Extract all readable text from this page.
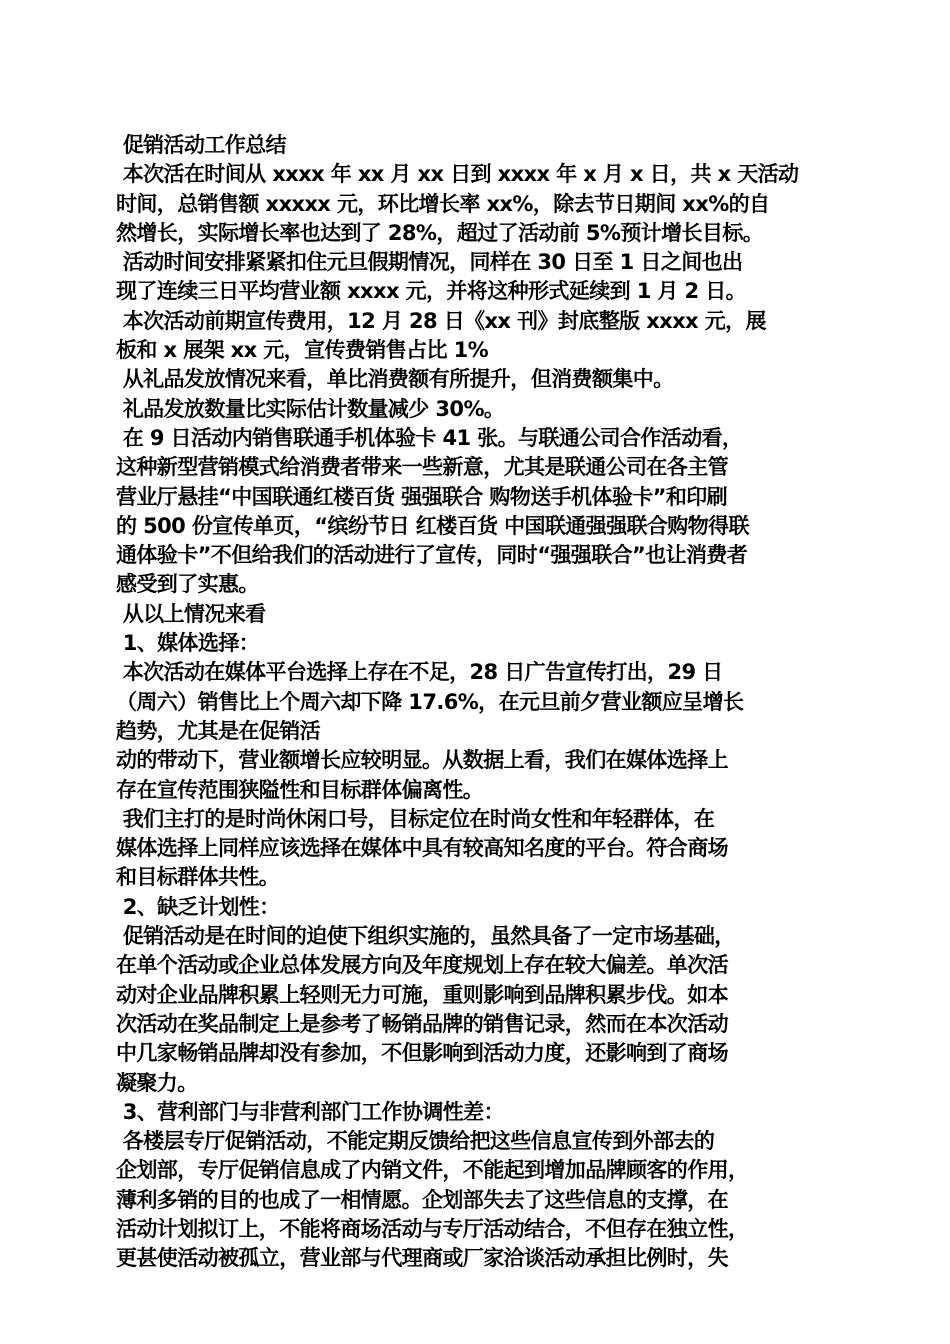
促销活动工作总结
本次活在时间从 xxxx 年 xx 月 xx 日到 xxxx 年 x 月 x 日，共 x 天活动
时间，总销售额 xxxxx 元，环比增长率 xx%，除去节日期间 xx%的自
然增长，实际增长率也达到了 28%，超过了活动前 5%预计增长目标。
活动时间安排紧紧扣住元旦假期情况，同样在 30 日至 1 日之间也出
现了连续三日平均营业额 xxxx 元，并将这种形式延续到 1 月 2 日。
本次活动前期宣传费用，12 月 28 日《xx 刊》封底整版 xxxx 元，展
板和 x 展架 xx 元，宣传费销售占比 1%
从礼品发放情况来看，单比消费额有所提升，但消费额集中。
礼品发放数量比实际估计数量减少 30%。
在 9 日活动内销售联通手机体验卡 41 张。与联通公司合作活动看，
这种新型营销模式给消费者带来一些新意，尤其是联通公司在各主管
营业厅悬挂“中国联通红楼百货 强强联合 购物送手机体验卡”和印刷
的 500 份宣传单页，“缤纷节日 红楼百货 中国联通强强联合购物得联
通体验卡”不但给我们的活动进行了宣传，同时“强强联合”也让消费者
感受到了实惠。
从以上情况来看
1、媒体选择：
本次活动在媒体平台选择上存在不足，28 日广告宣传打出，29 日
（周六）销售比上个周六却下降 17.6%，在元旦前夕营业额应呈增长
趋势，尤其是在促销活
动的带动下，营业额增长应较明显。从数据上看，我们在媒体选择上
存在宣传范围狭隘性和目标群体偏离性。
我们主打的是时尚休闲口号，目标定位在时尚女性和年轻群体，在
媒体选择上同样应该选择在媒体中具有较高知名度的平台。符合商场
和目标群体共性。
2、缺乏计划性：
促销活动是在时间的迫使下组织实施的，虽然具备了一定市场基础，
在单个活动或企业总体发展方向及年度规划上存在较大偏差。单次活
动对企业品牌积累上轻则无力可施，重则影响到品牌积累步伐。如本
次活动在奖品制定上是参考了畅销品牌的销售记录，然而在本次活动
中几家畅销品牌却没有参加，不但影响到活动力度，还影响到了商场
凝聚力。
3、营利部门与非营利部门工作协调性差：
各楼层专厅促销活动，不能定期反馈给把这些信息宣传到外部去的
企划部，专厅促销信息成了内销文件，不能起到增加品牌顾客的作用，
薄利多销的目的也成了一相情愿。企划部失去了这些信息的支撑，在
活动计划拟订上，不能将商场活动与专厅活动结合，不但存在独立性，
更甚使活动被孤立，营业部与代理商或厂家洽谈活动承担比例时，失
